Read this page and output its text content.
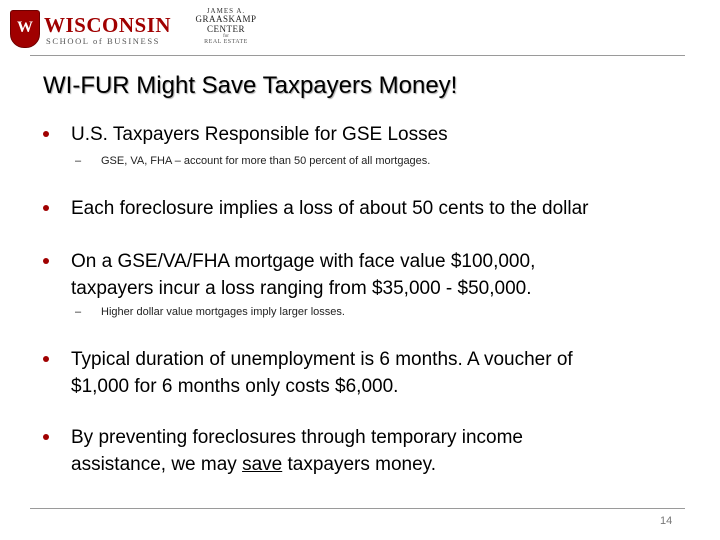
W WISCONSIN
SCHOOL of BUSINESS
JAMES A.
GRAASKAMP CENTER
for
REAL ESTATE
WI-FUR Might Save Taxpayers Money!
U.S. Taxpayers Responsible for GSE Losses
– GSE, VA, FHA – account for more than 50 percent of all mortgages.
Each foreclosure implies a loss of about 50 cents to the dollar
On a GSE/VA/FHA mortgage with face value $100,000,
taxpayers incur a loss ranging from $35,000 - $50,000.
– Higher dollar value mortgages imply larger losses.
Typical duration of unemployment is 6 months. A voucher of
$1,000 for 6 months only costs $6,000.
By preventing foreclosures through temporary income
assistance, we may save taxpayers money.
14
